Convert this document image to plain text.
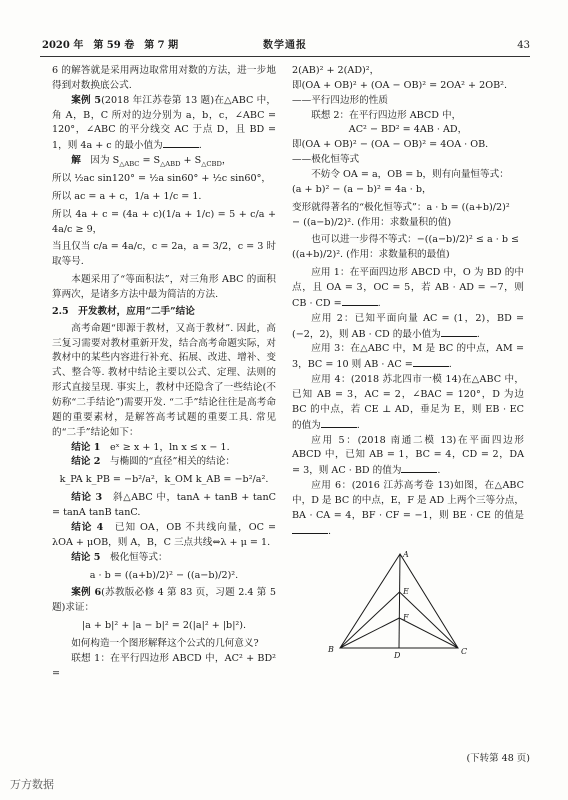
2020 年　第 59 卷　第 7 期	数学通报	43

6 的解答就是采用两边取常用对数的方法，进一步地得到对数换底公式.

案例 5(2018 年江苏卷第 13 题)在△ABC 中，角 A，B，C 所对的边分别为 a，b，c，∠ABC = 120°，∠ABC 的平分线交 AC 于点 D，且 BD = 1，则 4a + c 的最小值为	.

解　 因为 $S_{\triangle ABC} = S_{\triangle ABD} + S_{\triangle CBD}$，

所以 ½ac sin120° = ½a sin60° + ½c sin60°，

所以 ac = a + c，1/a + 1/c = 1.

所以 4a + c = (4a + c)(1/a + 1/c) = 5 + c/a + 4a/c ≥ 9，

当且仅当 c/a = 4a/c，c = 2a，a = 3/2，c = 3 时取等号.

本题采用了“等面积法”，对三角形 ABC 的面积算两次，是诸多方法中最为简洁的方法.

2.5　开发教材，应用“二手”结论

高考命题“即源于教材，又高于教材”. 因此，高三复习需要对教材重新开发，结合高考命题实际，对教材中的某些内容进行补充、拓展、改进、增补、变式、整合等. 教材中结论主要以公式、定理、法则的形式直接呈现. 事实上，教材中还隐含了一些结论(不妨称“二手结论”)需要开发. “二手”结论往往是高考命题的重要素材，是解答高考试题的重要工具. 常见的“二手”结论如下：

结论 1　 eˣ ≥ x + 1，ln x ≤ x − 1.

结论 2　 与椭圆的“直径”相关的结论：

k_PA k_PB = −b²/a²，k_OM k_AB = −b²/a².

结论 3　 斜△ABC 中，tanA + tanB + tanC = tanA tanB tanC.

结论 4　 已知 OA，OB 不共线向量，OC = λOA + μOB，则 A，B，C 三点共线⇔λ + μ = 1.

结论 5　 极化恒等式：

a · b = ((a+b)/2)² − ((a−b)/2)².

案例 6(苏教版必修 4 第 83 页，习题 2.4 第 5 题)求证：

|a + b|² + |a − b|² = 2(|a|² + |b|²).

如何构造一个图形解释这个公式的几何意义?

联想 1：在平行四边形 ABCD 中，AC² + BD² =

2(AB)² + 2(AD)²，

即(OA + OB)² + (OA − OB)² = 2OA² + 2OB².

——平行四边形的性质

联想 2：在平行四边形 ABCD 中，

AC² − BD² = 4AB · AD，

即(OA + OB)² − (OA − OB)² = 4OA · OB.

——极化恒等式

不妨令 OA = a，OB = b，则有向量恒等式：

(a + b)² − (a − b)² = 4a · b，

变形就得著名的“极化恒等式”：a · b = ((a+b)/2)²

− ((a−b)/2)². (作用：求数量积的值)

也可以进一步得不等式：−((a−b)/2)² ≤ a · b ≤

((a+b)/2)². (作用：求数量积的最值)

应用 1：在平面四边形 ABCD 中，O 为 BD 的中点，且 OA = 3，OC = 5，若 AB · AD = −7，则 CB · CD =	.

应用 2：已知平面向量 AC = (1，2)，BD = (−2，2)，则 AB · CD 的最小值为	.

应用 3：在△ABC 中，M 是 BC 的中点，AM = 3，BC = 10 则 AB · AC =	.

应用 4：(2018 苏北四市一模 14)在△ABC 中，已知 AB = 3，AC = 2，∠BAC = 120°，D 为边 BC 的中点，若 CE ⊥ AD，垂足为 E，则 EB · EC 的值为	.

应用 5：(2018 南通二模 13)在平面四边形 ABCD 中，已知 AB = 1，BC = 4，CD = 2，DA = 3，则 AC · BD 的值为	.

应用 6：(2016 江苏高考卷 13)如图，在△ABC 中，D 是 BC 的中点，E，F 是 AD 上两个三等分点，BA · CA = 4，BF · CF = −1，则 BE · CE 的值是.

A
B	C
D
E
F
(下转第 48 页)
万方数据
